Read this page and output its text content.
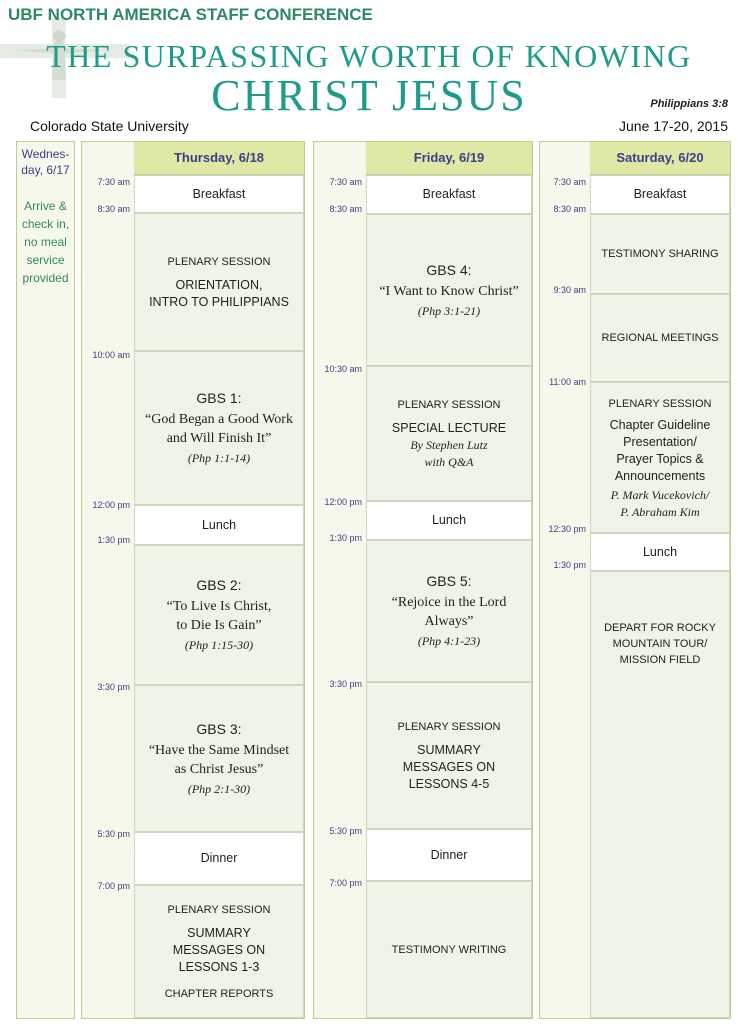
UBF NORTH AMERICA STAFF CONFERENCE
THE SURPASSING WORTH OF KNOWING
CHRIST JESUS	Philippians 3:8
Colorado State University	June 17-20, 2015
Wednes-day, 6/17
Arrive & check in, no meal service provided
Thursday, 6/18
7:30 am
8:30 am
10:00 am
12:00 pm
1:30 pm
3:30 pm
5:30 pm
7:00 pm
Breakfast
PLENARY SESSION
ORIENTATION,
INTRO TO PHILIPPIANS
GBS 1:
“God Began a Good Work
and Will Finish It”
(Php 1:1-14)
Lunch
GBS 2:
“To Live Is Christ,
to Die Is Gain”
(Php 1:15-30)
GBS 3:
“Have the Same Mindset
as Christ Jesus”
(Php 2:1-30)
Dinner
PLENARY SESSION
SUMMARY
MESSAGES ON
LESSONS 1-3
CHAPTER REPORTS
Friday, 6/19
7:30 am
8:30 am
10:30 am
12:00 pm
1:30 pm
3:30 pm
5:30 pm
7:00 pm
Breakfast
GBS 4:
“I Want to Know Christ”
(Php 3:1-21)
PLENARY SESSION
SPECIAL LECTURE
By Stephen Lutz
with Q&A
Lunch
GBS 5:
“Rejoice in the Lord
Always”
(Php 4:1-23)
PLENARY SESSION
SUMMARY
MESSAGES ON
LESSONS 4-5
Dinner
TESTIMONY WRITING
Saturday, 6/20
7:30 am
8:30 am
9:30 am
11:00 am
12:30 pm
1:30 pm
Breakfast
TESTIMONY SHARING
REGIONAL MEETINGS
PLENARY SESSION
Chapter Guideline
Presentation/
Prayer Topics &
Announcements
P. Mark Vucekovich/
P. Abraham Kim
Lunch
DEPART FOR ROCKY
MOUNTAIN TOUR/
MISSION FIELD
